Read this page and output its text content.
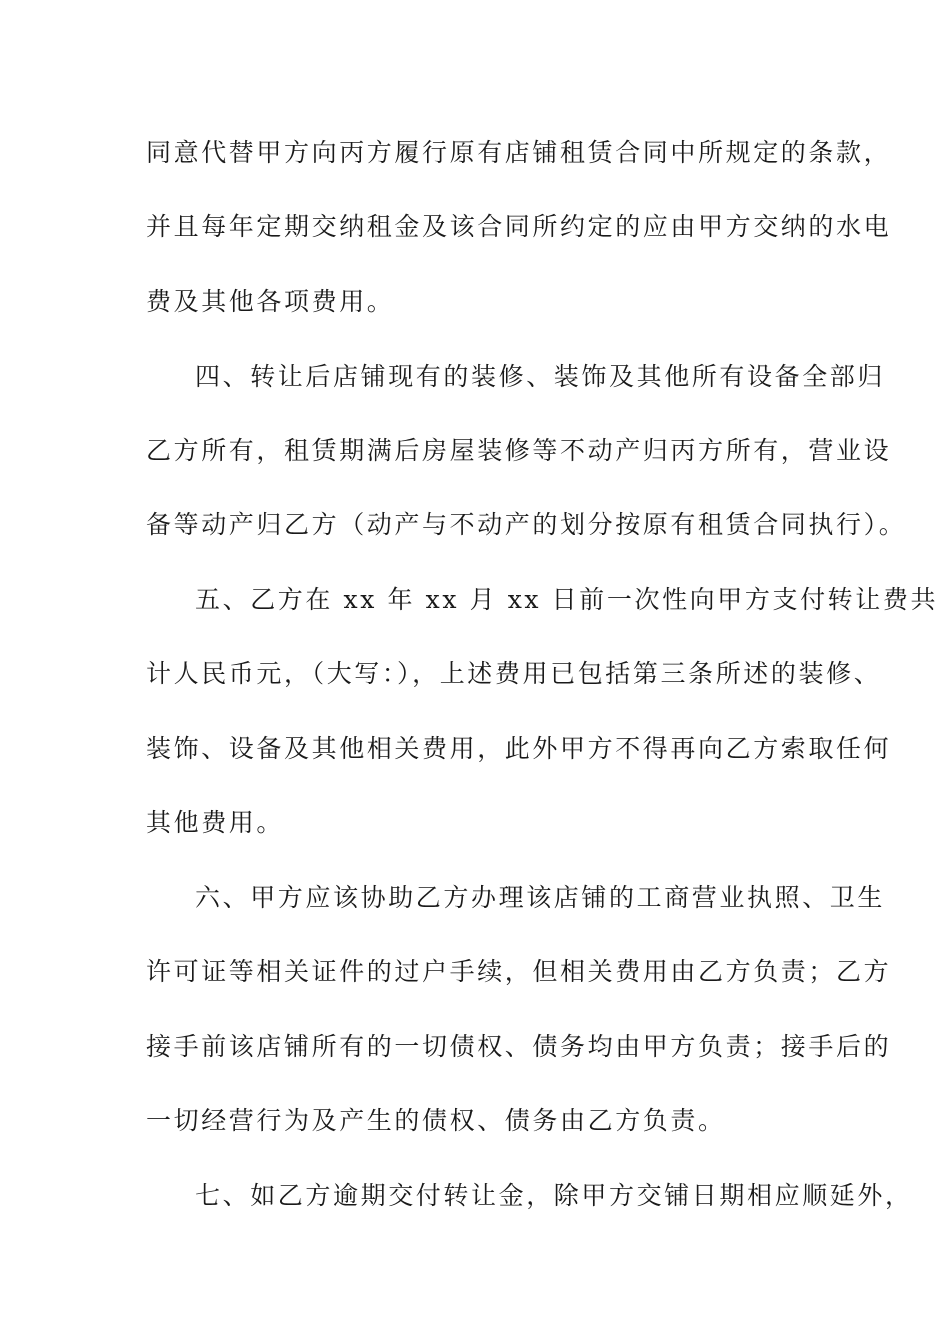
同意代替甲方向丙方履行原有店铺租赁合同中所规定的条款，
并且每年定期交纳租金及该合同所约定的应由甲方交纳的水电
费及其他各项费用。
四、转让后店铺现有的装修、装饰及其他所有设备全部归
乙方所有，租赁期满后房屋装修等不动产归丙方所有，营业设
备等动产归乙方（动产与不动产的划分按原有租赁合同执行）。
五、乙方在 xx 年 xx 月 xx 日前一次性向甲方支付转让费共
计人民币元，（大写：），上述费用已包括第三条所述的装修、
装饰、设备及其他相关费用，此外甲方不得再向乙方索取任何
其他费用。
六、甲方应该协助乙方办理该店铺的工商营业执照、卫生
许可证等相关证件的过户手续，但相关费用由乙方负责；乙方
接手前该店铺所有的一切债权、债务均由甲方负责；接手后的
一切经营行为及产生的债权、债务由乙方负责。
七、如乙方逾期交付转让金，除甲方交铺日期相应顺延外，
